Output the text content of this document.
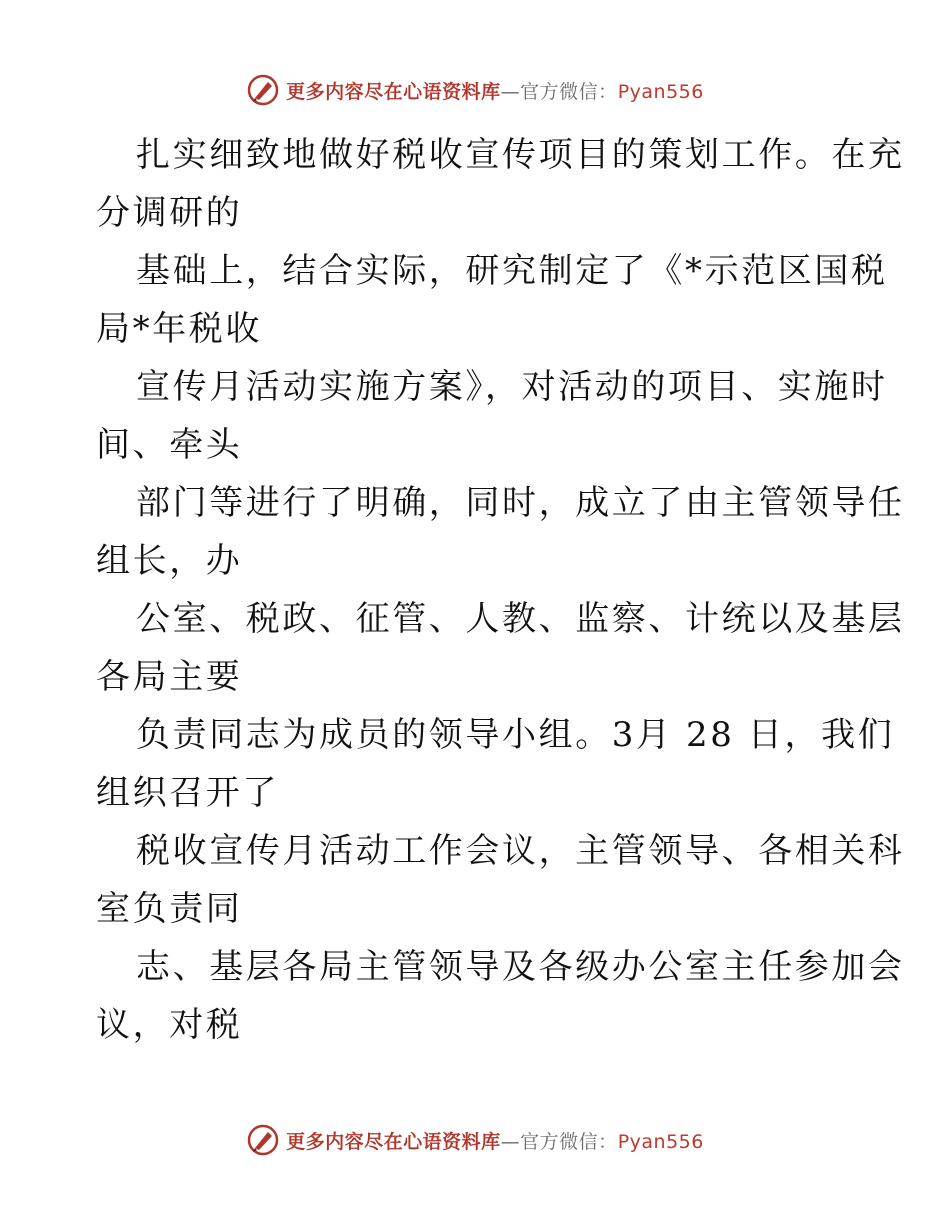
更多内容尽在心语资料库—官方微信：Pyan556

扎实细致地做好税收宣传项目的策划工作。在充
分调研的

基础上，结合实际，研究制定了《*示范区国税
局*年税收

宣传月活动实施方案》，对活动的项目、实施时
间、牵头

部门等进行了明确，同时，成立了由主管领导任
组长，办

公室、税政、征管、人教、监察、计统以及基层
各局主要

负责同志为成员的领导小组。3月 28 日，我们
组织召开了

税收宣传月活动工作会议，主管领导、各相关科
室负责同

志、基层各局主管领导及各级办公室主任参加会
议，对税

更多内容尽在心语资料库—官方微信：Pyan556
